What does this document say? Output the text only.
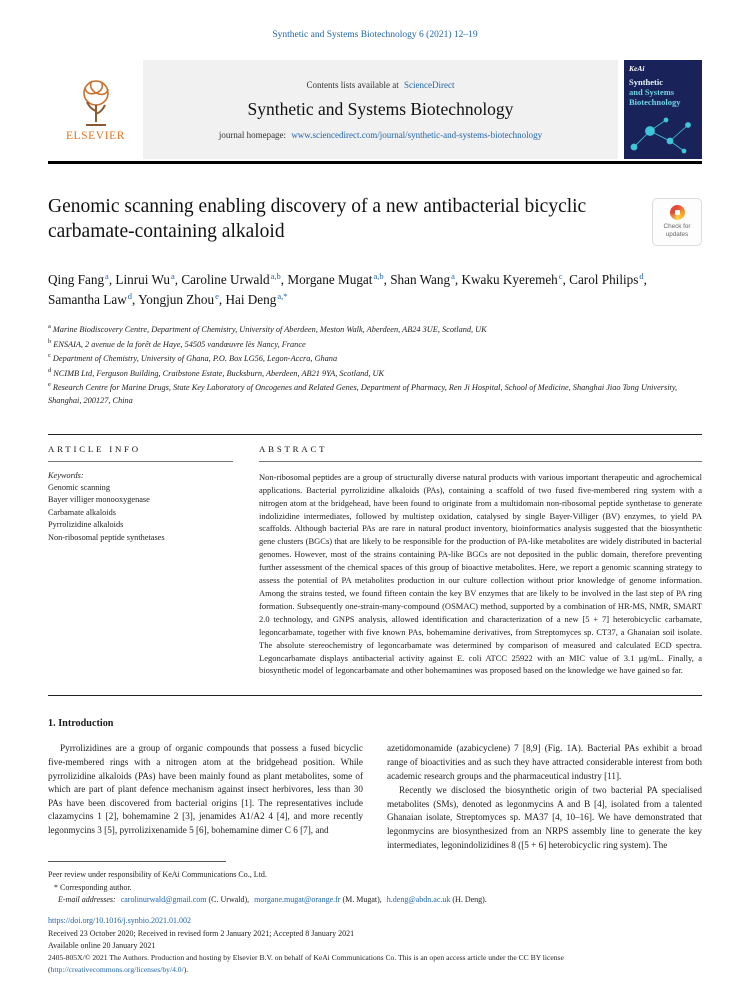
Synthetic and Systems Biotechnology 6 (2021) 12–19
ELSEVIER
Contents lists available at ScienceDirect
Synthetic and Systems Biotechnology
journal homepage: www.sciencedirect.com/journal/synthetic-and-systems-biotechnology
KeAi
Synthetic
and Systems
Biotechnology
Genomic scanning enabling discovery of a new antibacterial bicyclic carbamate-containing alkaloid	Check for updates
Qing Fang$^a$ , Linrui Wu$^a$ , Caroline Urwald$^{a,b}$ , Morgane Mugat$^{a,b}$ , Shan Wang$^a$ , Kwaku Kyeremeh$^c$ , Carol Philips$^d$ , Samantha Law$^d$ , Yongjun Zhou$^e$ , Hai Deng$^{a,*}$
$^a$ Marine Biodiscovery Centre, Department of Chemistry, University of Aberdeen, Meston Walk, Aberdeen, AB24 3UE, Scotland, UK
$^b$ ENSAIA, 2 avenue de la forêt de Haye, 54505 vandœuvre lès Nancy, France
$^c$ Department of Chemistry, University of Ghana, P.O. Box LG56, Legon-Accra, Ghana
$^d$ NCIMB Ltd, Ferguson Building, Craibstone Estate, Bucksburn, Aberdeen, AB21 9YA, Scotland, UK
$^e$ Research Centre for Marine Drugs, State Key Laboratory of Oncogenes and Related Genes, Department of Pharmacy, Ren Ji Hospital, School of Medicine, Shanghai Jiao Tong University, Shanghai, 200127, China
ARTICLE INFO
Keywords:
Genomic scanning
Bayer villiger monooxygenase
Carbamate alkaloids
Pyrrolizidine alkaloids
Non-ribosomal peptide synthetases
ABSTRACT

Non-ribosomal peptides are a group of structurally diverse natural products with various important therapeutic and agrochemical applications. Bacterial pyrrolizidine alkaloids (PAs), containing a scaffold of two fused five-membered ring system with a nitrogen atom at the bridgehead, have been found to originate from a multidomain non-ribosomal peptide synthetase to generate indolizidine intermediates, followed by multistep oxidation, catalysed by single Bayer-Villiger (BV) enzymes, to yield PA scaffolds. Although bacterial PAs are rare in natural product inventory, bioinformatics analysis suggested that the biosynthetic gene clusters (BGCs) that are likely to be responsible for the production of PA-like metabolites are widely distributed in bacterial genomes. However, most of the strains containing PA-like BGCs are not deposited in the public domain, therefore preventing further assessment of the chemical spaces of this group of bioactive metabolites. Here, we report a genomic scanning strategy to assess the potential of PA metabolites production in our culture collection without prior knowledge of genome information. Among the strains tested, we found fifteen contain the key BV enzymes that are likely to be involved in the last step of PA ring formation. Subsequently one-strain-many-compound (OSMAC) method, supported by a combination of HR-MS, NMR, SMART 2.0 technology, and GNPS analysis, allowed identification and characterization of a new [5 + 7] heterobicyclic carbamate, legoncarbamate, together with five known PAs, bohemamine derivatives, from Streptomyces sp. CT37, a Ghanaian soil isolate. The absolute stereochemistry of legoncarbamate was determined by comparison of measured and calculated ECD spectra. Legoncarbamate displays antibacterial activity against E. coli ATCC 25922 with an MIC value of 3.1 μg/mL. Finally, a biosynthetic model of legoncarbamate and other bohemamines was proposed based on the knowledge we have gained so far.

1. Introduction

Pyrrolizidines are a group of organic compounds that possess a fused bicyclic five-membered rings with a nitrogen atom at the bridgehead position. While pyrrolizidine alkaloids (PAs) have been mainly found as plant metabolites, some of which are part of plant defence mechanism against insect herbivores, less than 30 PAs have been discovered from bacterial origins [1]. The representatives include clazamycins 1 [2], bohemamine 2 [3], jenamides A1/A2 4 [4], and more recently legonmycins 3 [5], pyrrolizixenamide 5 [6], bohemamine dimer C 6 [7], and

azetidomonamide (azabicyclene) 7 [8,9] (Fig. 1A). Bacterial PAs exhibit a broad range of bioactivities and as such they have attracted considerable interest from both academic research groups and the pharmaceutical industry [11].

Recently we disclosed the biosynthetic origin of two bacterial PA specialised metabolites (SMs), denoted as legonmycins A and B [4], isolated from a talented Ghanaian isolate, Streptomyces sp. MA37 [4, 10–16]. We have demonstrated that legonmycins are biosynthesized from an NRPS assembly line to generate the key intermediates, legonindolizidines 8 ([5 + 6] heterobicyclic ring system). The

Peer review under responsibility of KeAi Communications Co., Ltd.
* Corresponding author.
E-mail addresses: carolinurwald@gmail.com (C. Urwald), morgane.mugat@orange.fr (M. Mugat), h.deng@abdn.ac.uk (H. Deng).
https://doi.org/10.1016/j.synbio.2021.01.002
Received 23 October 2020; Received in revised form 2 January 2021; Accepted 8 January 2021
Available online 20 January 2021
2405-805X/© 2021 The Authors. Production and hosting by Elsevier B.V. on behalf of KeAi Communications Co. This is an open access article under the CC BY license (http://creativecommons.org/licenses/by/4.0/).
